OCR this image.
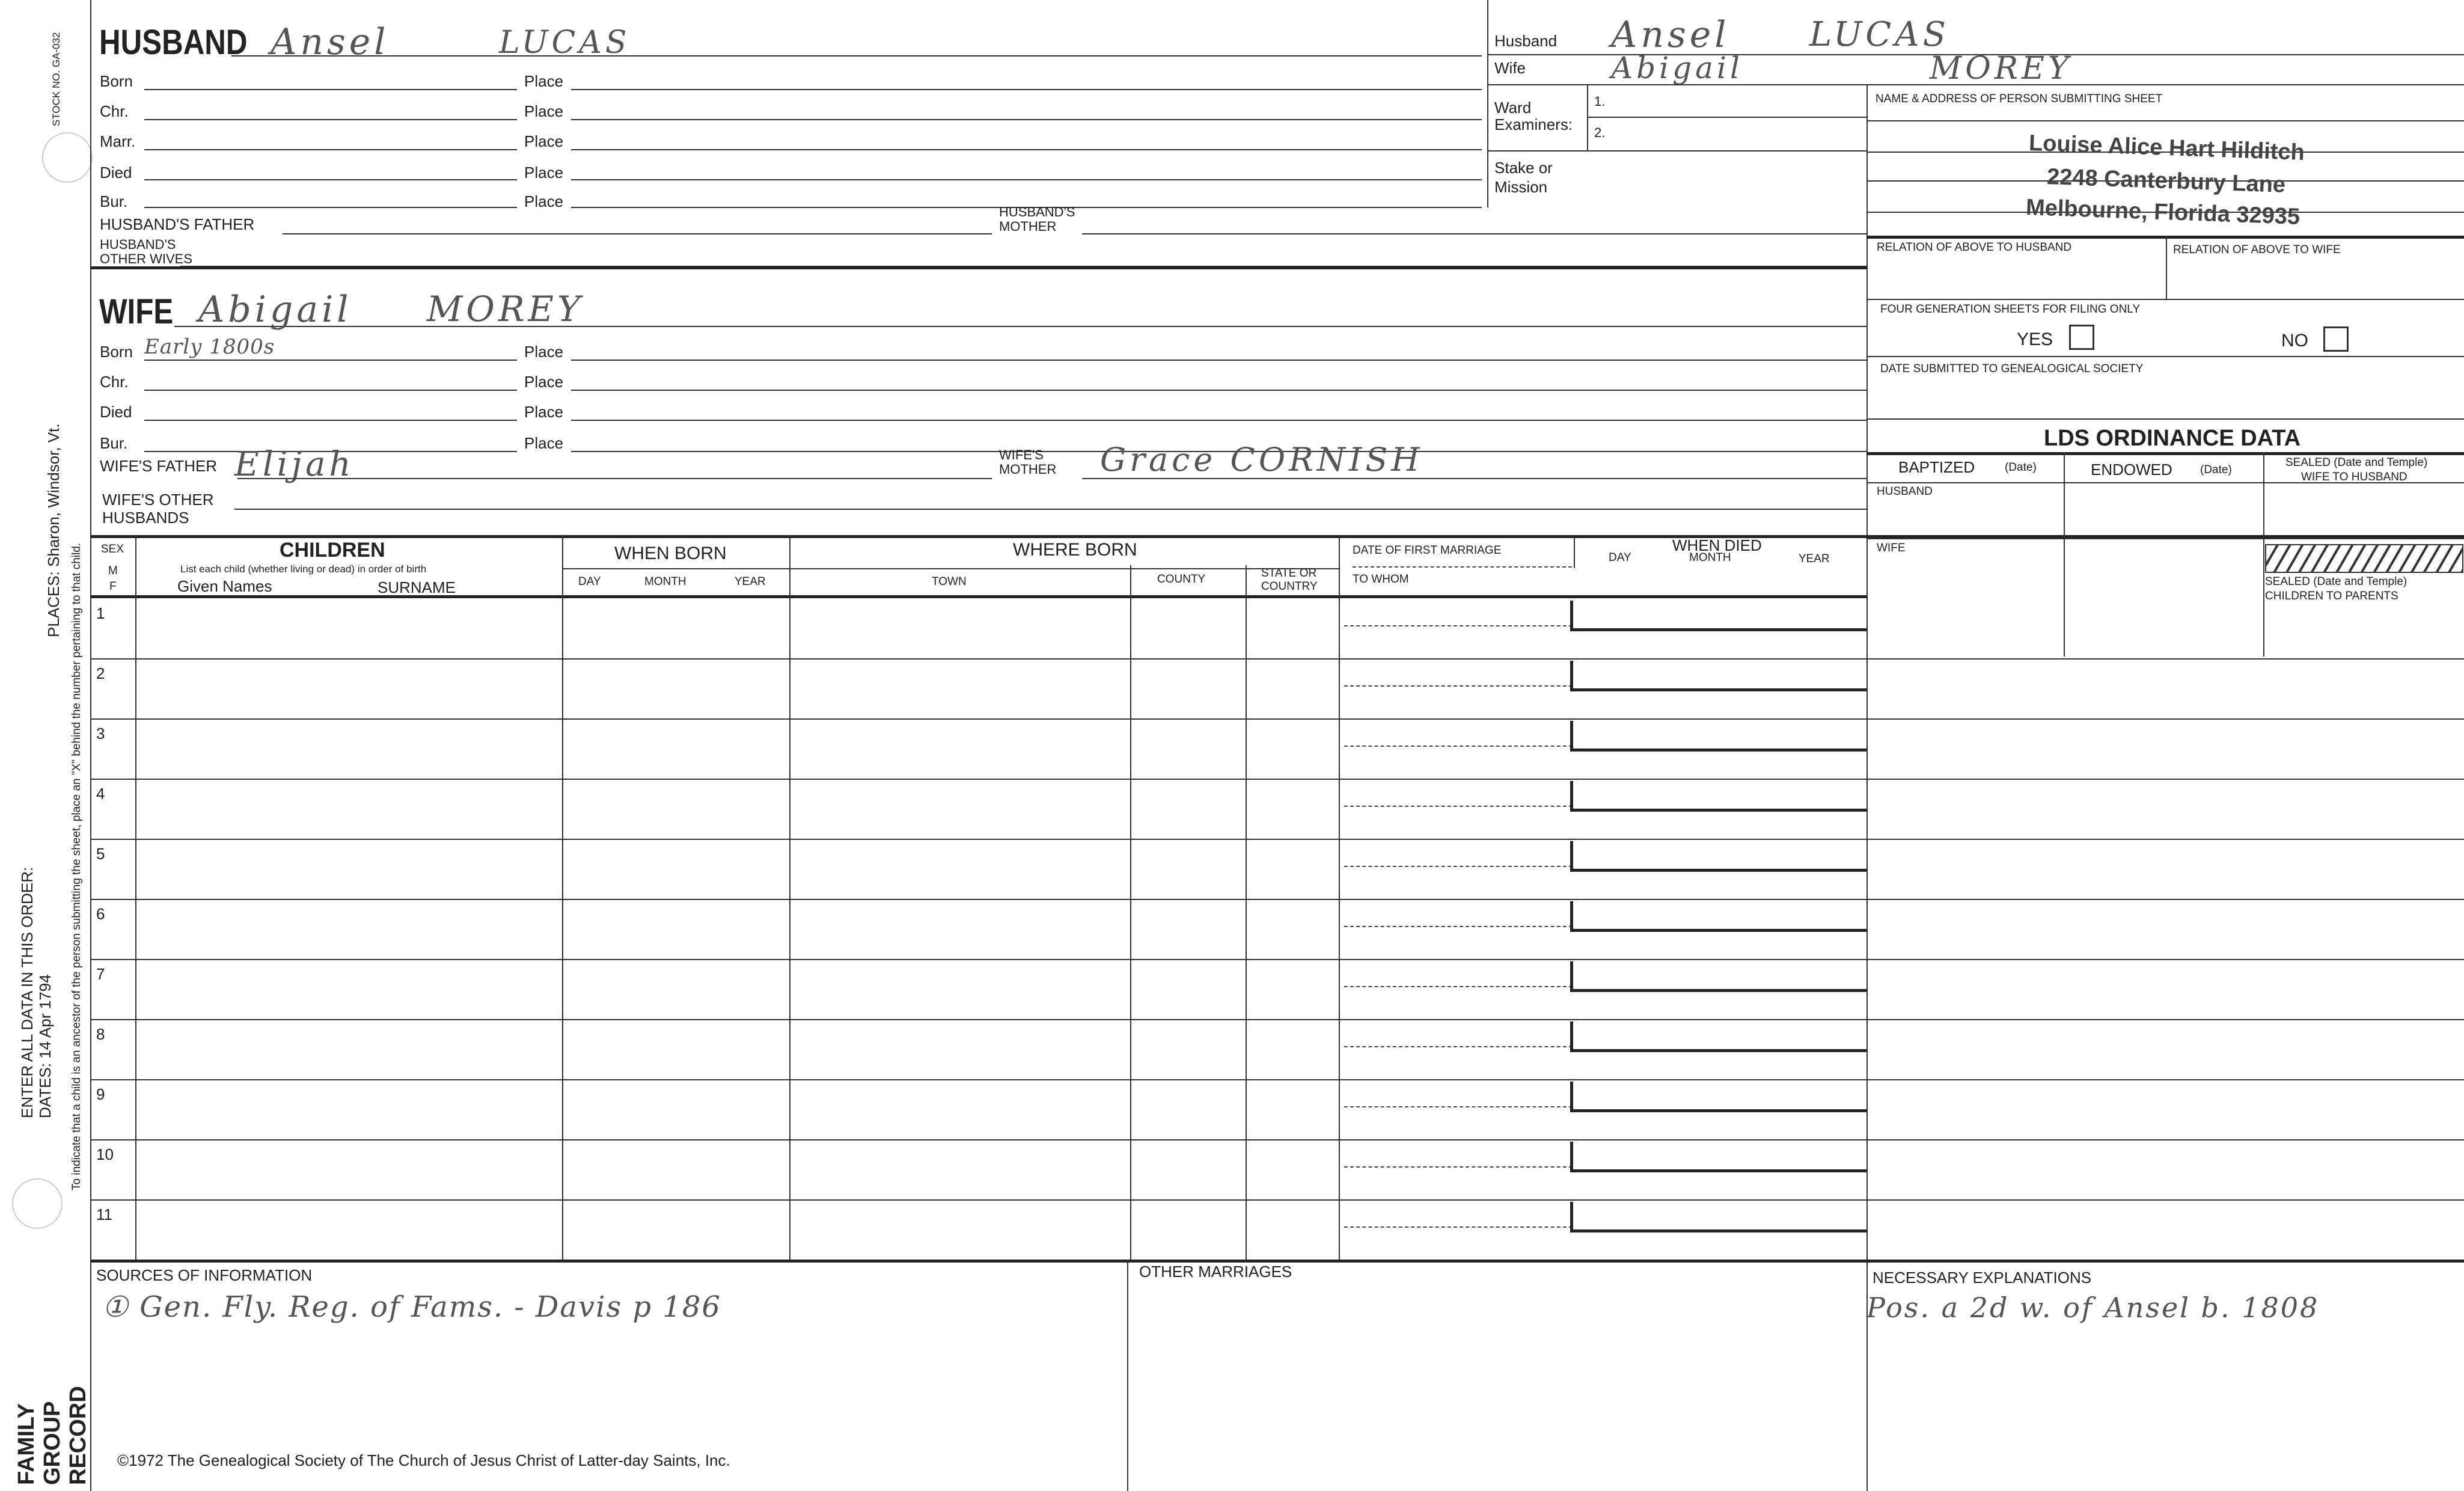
STOCK NO. GA-032
PLACES: Sharon, Windsor, Vt.
To indicate that a child is an ancestor of the person submitting the sheet, place an "X" behind the number pertaining to that child.
ENTER ALL DATA IN THIS ORDER: DATES: 14 Apr 1794
FAMILY GROUP RECORD
HUSBAND Ansel	LUCAS
Born	Place
Chr.	Place
Marr.	Place
Died	Place
Bur.	Place
HUSBAND'S FATHER
HUSBAND'S
MOTHER
HUSBAND'S
OTHER WIVES
WIFE Abigail MOREY
Born Early 1800s	Place
Chr.	Place
Died	Place
Bur.	Place
WIFE'S FATHER Elijah	WIFE'S
MOTHER Grace CORNISH
WIFE'S OTHER
HUSBANDS
Husband Ansel LUCAS
Wife	Abigail	MOREY
Ward
Examiners:
1.
2.
Stake or
Mission
NAME & ADDRESS OF PERSON SUBMITTING SHEET
Louise Alice Hart Hilditch
2248 Canterbury Lane
Melbourne, Florida 32935
RELATION OF ABOVE TO HUSBAND	RELATION OF ABOVE TO WIFE
FOUR GENERATION SHEETS FOR FILING ONLY
YES	NO
DATE SUBMITTED TO GENEALOGICAL SOCIETY
LDS ORDINANCE DATA
BAPTIZED	(Date)	ENDOWED (Date)
SEALED (Date and Temple)
WIFE TO HUSBAND
HUSBAND
WIFE
SEALED (Date and Temple)
CHILDREN TO PARENTS
SEX
M
F
CHILDREN
List each child (whether living or dead) in order of birth
Given Names	SURNAME
WHEN BORN
DAY	MONTH	YEAR
WHERE BORN
TOWN	COUNTY	STATE OR
COUNTRY
DATE OF FIRST MARRIAGE
TO WHOM
WHEN DIED
DAY	MONTH	YEAR
1
2
3
4
5
6
7
8
9
10
11
SOURCES OF INFORMATION
① Gen. Fly. Reg. of Fams. - Davis p 186
OTHER MARRIAGES	NECESSARY EXPLANATIONS
Pos. a 2d w. of Ansel b. 1808
©1972 The Genealogical Society of The Church of Jesus Christ of Latter-day Saints, Inc.
